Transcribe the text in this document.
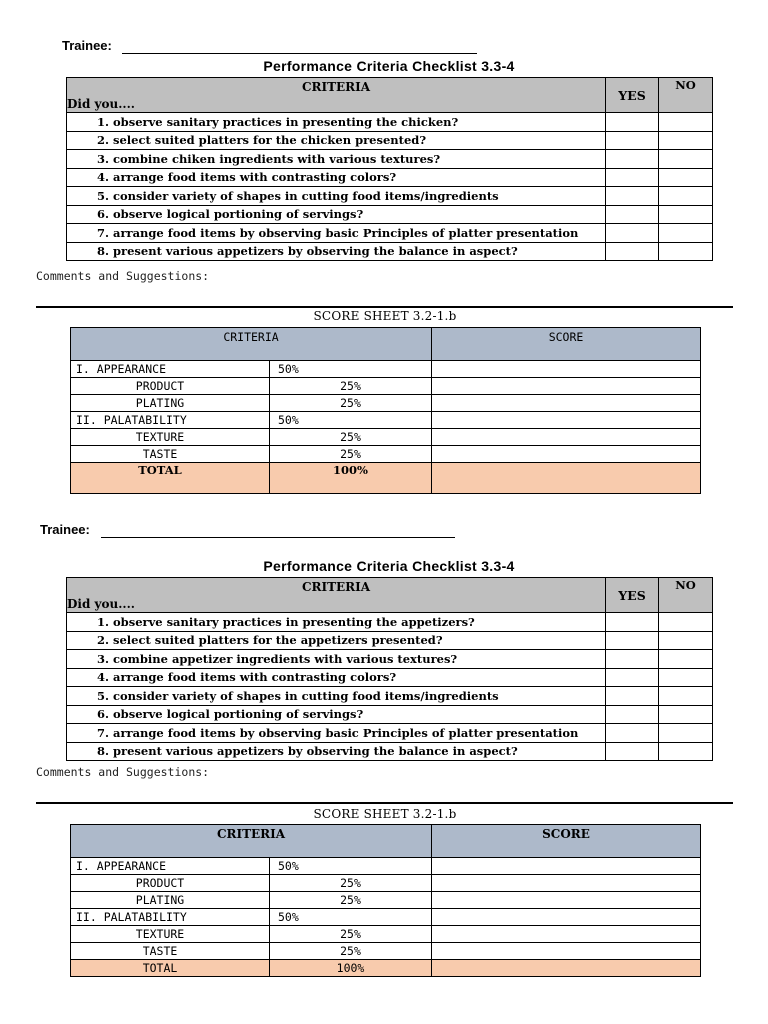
Trainee:
Performance Criteria Checklist 3.3-4
CRITERIA
Did you....	YES	NO
1. observe sanitary practices in presenting the chicken?		
2. select suited platters for the chicken presented?		
3. combine chiken ingredients with various textures?		
4. arrange food items with contrasting colors?		
5. consider variety of shapes in cutting food items/ingredients		
6. observe logical portioning of servings?		
7. arrange food items by observing basic Principles of platter presentation		
8. present various appetizers by observing the balance in aspect?		
Comments and Suggestions:
SCORE SHEET 3.2-1.b
CRITERIA		SCORE
I. APPEARANCE	50%	
PRODUCT	25%	
PLATING	25%	
II. PALATABILITY	50%	
TEXTURE	25%	
TASTE	25%	
TOTAL	100%	
Trainee:
Performance Criteria Checklist 3.3-4
CRITERIA
Did you....	YES	NO
1. observe sanitary practices in presenting the appetizers?		
2. select suited platters for the appetizers presented?		
3. combine appetizer ingredients with various textures?		
4. arrange food items with contrasting colors?		
5. consider variety of shapes in cutting food items/ingredients		
6. observe logical portioning of servings?		
7. arrange food items by observing basic Principles of platter presentation		
8. present various appetizers by observing the balance in aspect?		
Comments and Suggestions:
SCORE SHEET 3.2-1.b
CRITERIA		SCORE
I. APPEARANCE	50%	
PRODUCT	25%	
PLATING	25%	
II. PALATABILITY	50%	
TEXTURE	25%	
TASTE	25%	
TOTAL	100%	
